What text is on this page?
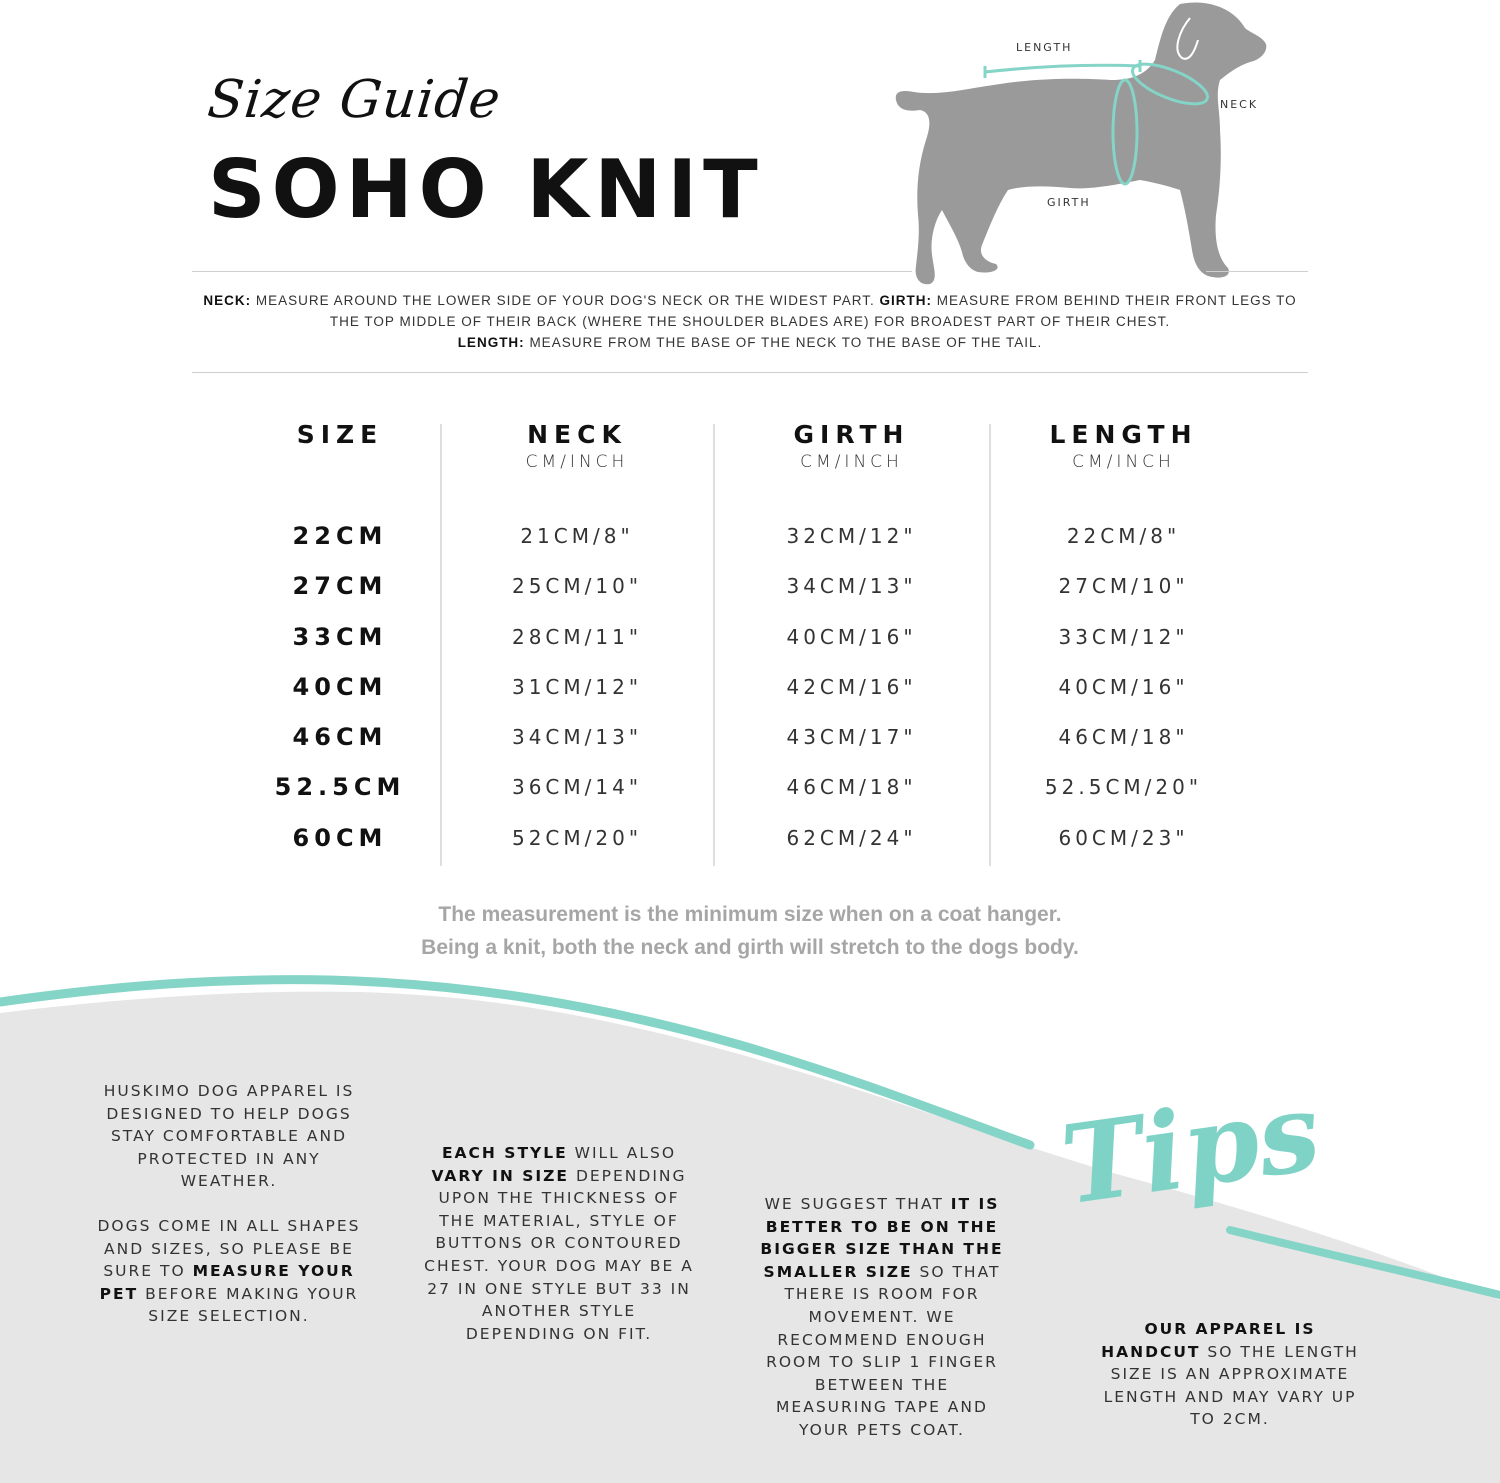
Size Guide
SOHO KNIT
LENGTH
NECK
GIRTH
NECK: MEASURE AROUND THE LOWER SIDE OF YOUR DOG'S NECK OR THE WIDEST PART. GIRTH: MEASURE FROM BEHIND THEIR FRONT LEGS TO THE TOP MIDDLE OF THEIR BACK (WHERE THE SHOULDER BLADES ARE) FOR BROADEST PART OF THEIR CHEST.
LENGTH: MEASURE FROM THE BASE OF THE NECK TO THE BASE OF THE TAIL.
SIZE
22CM
27CM
33CM
40CM
46CM
52.5CM
60CM
NECK
CM/INCH
21CM/8"
25CM/10"
28CM/11"
31CM/12"
34CM/13"
36CM/14"
52CM/20"
GIRTH
CM/INCH
32CM/12"
34CM/13"
40CM/16"
42CM/16"
43CM/17"
46CM/18"
62CM/24"
LENGTH
CM/INCH
22CM/8"
27CM/10"
33CM/12"
40CM/16"
46CM/18"
52.5CM/20"
60CM/23"
The measurement is the minimum size when on a coat hanger.
Being a knit, both the neck and girth will stretch to the dogs body.
Tips

HUSKIMO DOG APPAREL IS DESIGNED TO HELP DOGS STAY COMFORTABLE AND PROTECTED IN ANY WEATHER.

DOGS COME IN ALL SHAPES AND SIZES, SO PLEASE BE SURE TO MEASURE YOUR PET BEFORE MAKING YOUR SIZE SELECTION.

EACH STYLE WILL ALSO VARY IN SIZE DEPENDING UPON THE THICKNESS OF THE MATERIAL, STYLE OF BUTTONS OR CONTOURED CHEST. YOUR DOG MAY BE A 27 IN ONE STYLE BUT 33 IN ANOTHER STYLE DEPENDING ON FIT.
WE SUGGEST THAT IT IS BETTER TO BE ON THE BIGGER SIZE THAN THE SMALLER SIZE SO THAT THERE IS ROOM FOR MOVEMENT. WE RECOMMEND ENOUGH ROOM TO SLIP 1 FINGER BETWEEN THE MEASURING TAPE AND YOUR PETS COAT.
OUR APPAREL IS HANDCUT SO THE LENGTH SIZE IS AN APPROXIMATE LENGTH AND MAY VARY UP TO 2CM.
